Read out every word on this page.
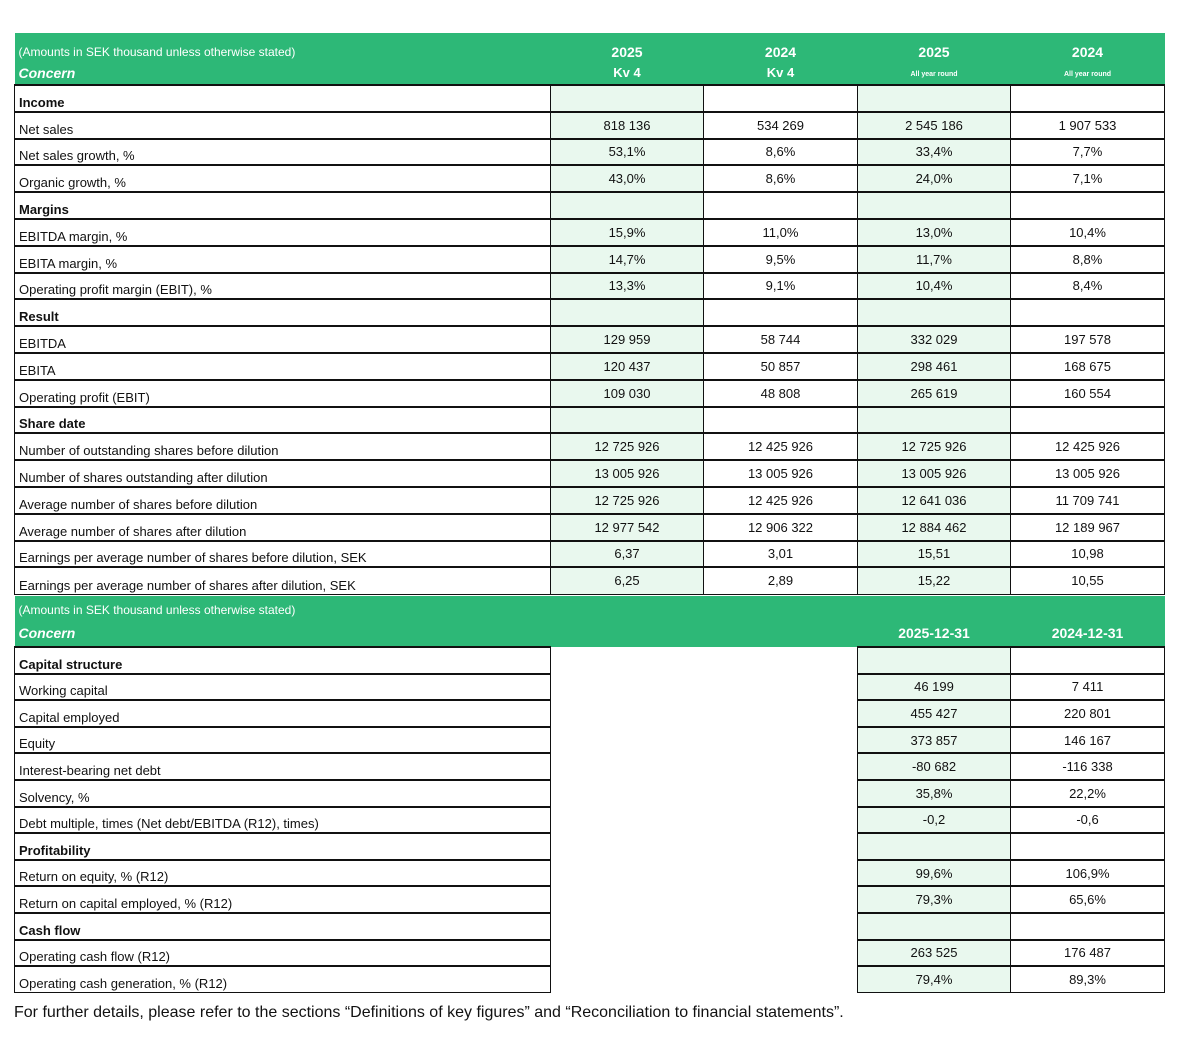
(Amounts in SEK thousand unless otherwise stated)	2025	2024	2025	2024
Concern	Kv 4	Kv 4	All year round	All year round
Income				
Net sales	818 136	534 269	2 545 186	1 907 533
Net sales growth, %	53,1%	8,6%	33,4%	7,7%
Organic growth, %	43,0%	8,6%	24,0%	7,1%
Margins				
EBITDA margin, %	15,9%	11,0%	13,0%	10,4%
EBITA margin, %	14,7%	9,5%	11,7%	8,8%
Operating profit margin (EBIT), %	13,3%	9,1%	10,4%	8,4%
Result				
EBITDA	129 959	58 744	332 029	197 578
EBITA	120 437	50 857	298 461	168 675
Operating profit (EBIT)	109 030	48 808	265 619	160 554
Share date				
Number of outstanding shares before dilution	12 725 926	12 425 926	12 725 926	12 425 926
Number of shares outstanding after dilution	13 005 926	13 005 926	13 005 926	13 005 926
Average number of shares before dilution	12 725 926	12 425 926	12 641 036	11 709 741
Average number of shares after dilution	12 977 542	12 906 322	12 884 462	12 189 967
Earnings per average number of shares before dilution, SEK	6,37	3,01	15,51	10,98
Earnings per average number of shares after dilution, SEK	6,25	2,89	15,22	10,55
(Amounts in SEK thousand unless otherwise stated)				
Concern			2025-12-31	2024-12-31
Capital structure				
Working capital			46 199	7 411
Capital employed			455 427	220 801
Equity			373 857	146 167
Interest-bearing net debt			-80 682	-116 338
Solvency, %			35,8%	22,2%
Debt multiple, times (Net debt/EBITDA (R12), times)			-0,2	-0,6
Profitability				
Return on equity, % (R12)			99,6%	106,9%
Return on capital employed, % (R12)			79,3%	65,6%
Cash flow				
Operating cash flow (R12)			263 525	176 487
Operating cash generation, % (R12)			79,4%	89,3%
For further details, please refer to the sections “Definitions of key figures” and “Reconciliation to financial statements”.
